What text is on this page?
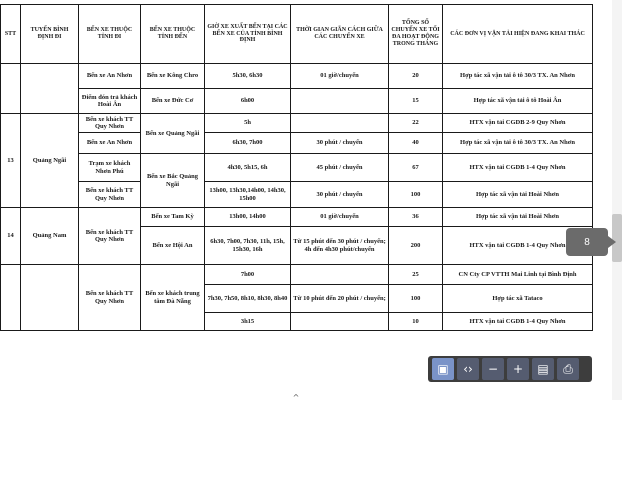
STT	TUYẾN BÌNH ĐỊNH ĐI	BẾN XE THUỘC TỈNH ĐI	BẾN XE THUỘC TỈNH ĐẾN	GIỜ XE XUẤT BẾN TẠI CÁC BẾN XE CỦA TỈNH BÌNH ĐỊNH	THỜI GIAN GIÃN CÁCH GIỮA CÁC CHUYẾN XE	TỔNG SỐ CHUYẾN XE TỐI ĐA HOẠT ĐỘNG TRONG THÁNG	CÁC ĐƠN VỊ VẬN TẢI HIỆN ĐANG KHAI THÁC
		Bến xe An Nhơn	Bến xe Kông Chro	5h30, 6h30	01 giờ/chuyến	20	Hợp tác xã vận tải ô tô 30/3 TX. An Nhơn
		Điểm đón trả khách Hoài Ân	Bến xe Đức Cơ	6h00		15	Hợp tác xã vận tải ô tô Hoài Ân
13	Quảng Ngãi	Bến xe khách TT Quy Nhơn	Bến xe Quảng Ngãi	5h		22	HTX vận tải CGDB 2-9 Quy Nhơn
		Bến xe An Nhơn		6h30, 7h00	30 phút / chuyến	40	Hợp tác xã vận tải ô tô 30/3 TX. An Nhơn
		Trạm xe khách Nhơn Phú	Bến xe Bắc Quảng Ngãi	4h30, 5h15, 6h	45 phút / chuyến	67	HTX vận tải CGDB 1-4 Quy Nhơn
		Bến xe khách TT Quy Nhơn		13h00, 13h30,14h00, 14h30, 15h00	30 phút / chuyến	100	Hợp tác xã vận tải Hoài Nhơn
14	Quảng Nam	Bến xe khách TT Quy Nhơn	Bến xe Tam Kỳ	13h00, 14h00	01 giờ/chuyến	36	Hợp tác xã vận tải Hoài Nhơn
			Bến xe Hội An	6h30, 7h00, 7h30, 11h, 15h, 15h30, 16h	Từ 15 phút đến 30 phút / chuyến; 4h đến 4h30 phút/chuyến	200	HTX vận tải CGDB 1-4 Quy Nhơn
		Bến xe khách TT Quy Nhơn	Bến xe khách trung tâm Đà Nẵng	7h00		25	CN Cty CP VTTH Mai Linh tại Bình Định
				7h30, 7h50, 8h10, 8h30, 8h40	Từ 10 phút đến 20 phút / chuyến;	100	Hợp tác xã Tataco
				3h15		10	HTX vận tải CGDB 1-4 Quy Nhơn
8
▣ ‹› − + ▤ ⎙
^
